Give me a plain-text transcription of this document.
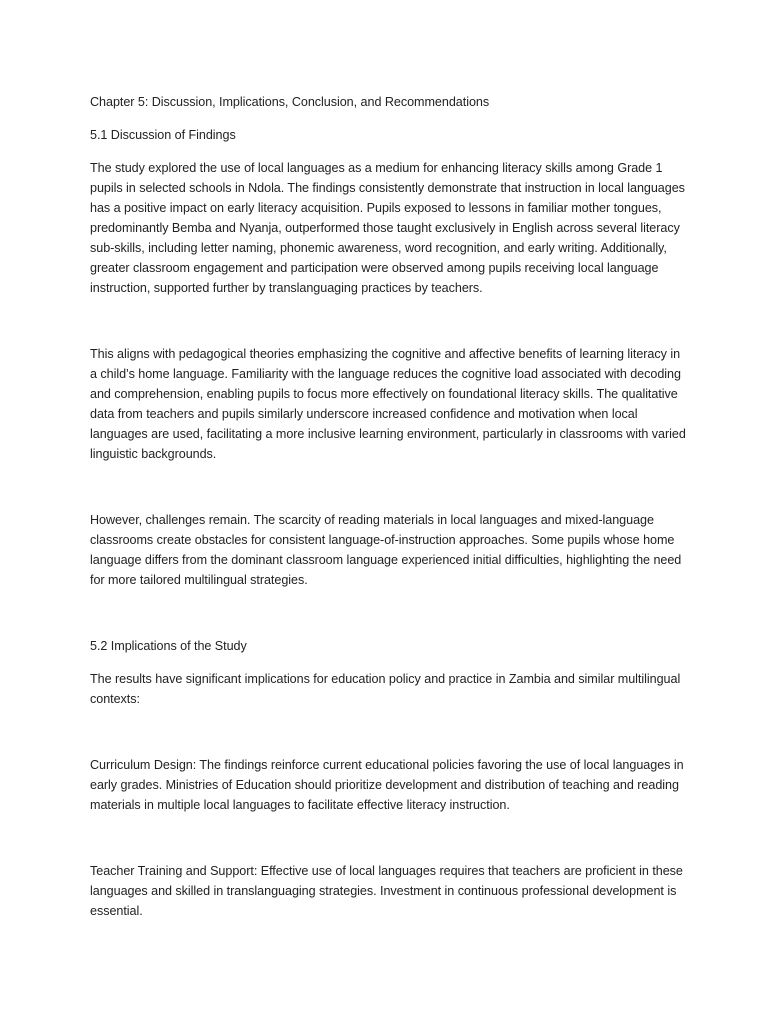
Chapter 5: Discussion, Implications, Conclusion, and Recommendations

5.1 Discussion of Findings

The study explored the use of local languages as a medium for enhancing literacy skills among Grade 1 pupils in selected schools in Ndola. The findings consistently demonstrate that instruction in local languages has a positive impact on early literacy acquisition. Pupils exposed to lessons in familiar mother tongues, predominantly Bemba and Nyanja, outperformed those taught exclusively in English across several literacy sub-skills, including letter naming, phonemic awareness, word recognition, and early writing. Additionally, greater classroom engagement and participation were observed among pupils receiving local language instruction, supported further by translanguaging practices by teachers.

This aligns with pedagogical theories emphasizing the cognitive and affective benefits of learning literacy in a child’s home language. Familiarity with the language reduces the cognitive load associated with decoding and comprehension, enabling pupils to focus more effectively on foundational literacy skills. The qualitative data from teachers and pupils similarly underscore increased confidence and motivation when local languages are used, facilitating a more inclusive learning environment, particularly in classrooms with varied linguistic backgrounds.

However, challenges remain. The scarcity of reading materials in local languages and mixed-language classrooms create obstacles for consistent language-of-instruction approaches. Some pupils whose home language differs from the dominant classroom language experienced initial difficulties, highlighting the need for more tailored multilingual strategies.

5.2 Implications of the Study

The results have significant implications for education policy and practice in Zambia and similar multilingual contexts:

Curriculum Design: The findings reinforce current educational policies favoring the use of local languages in early grades. Ministries of Education should prioritize development and distribution of teaching and reading materials in multiple local languages to facilitate effective literacy instruction.

Teacher Training and Support: Effective use of local languages requires that teachers are proficient in these languages and skilled in translanguaging strategies. Investment in continuous professional development is essential.
